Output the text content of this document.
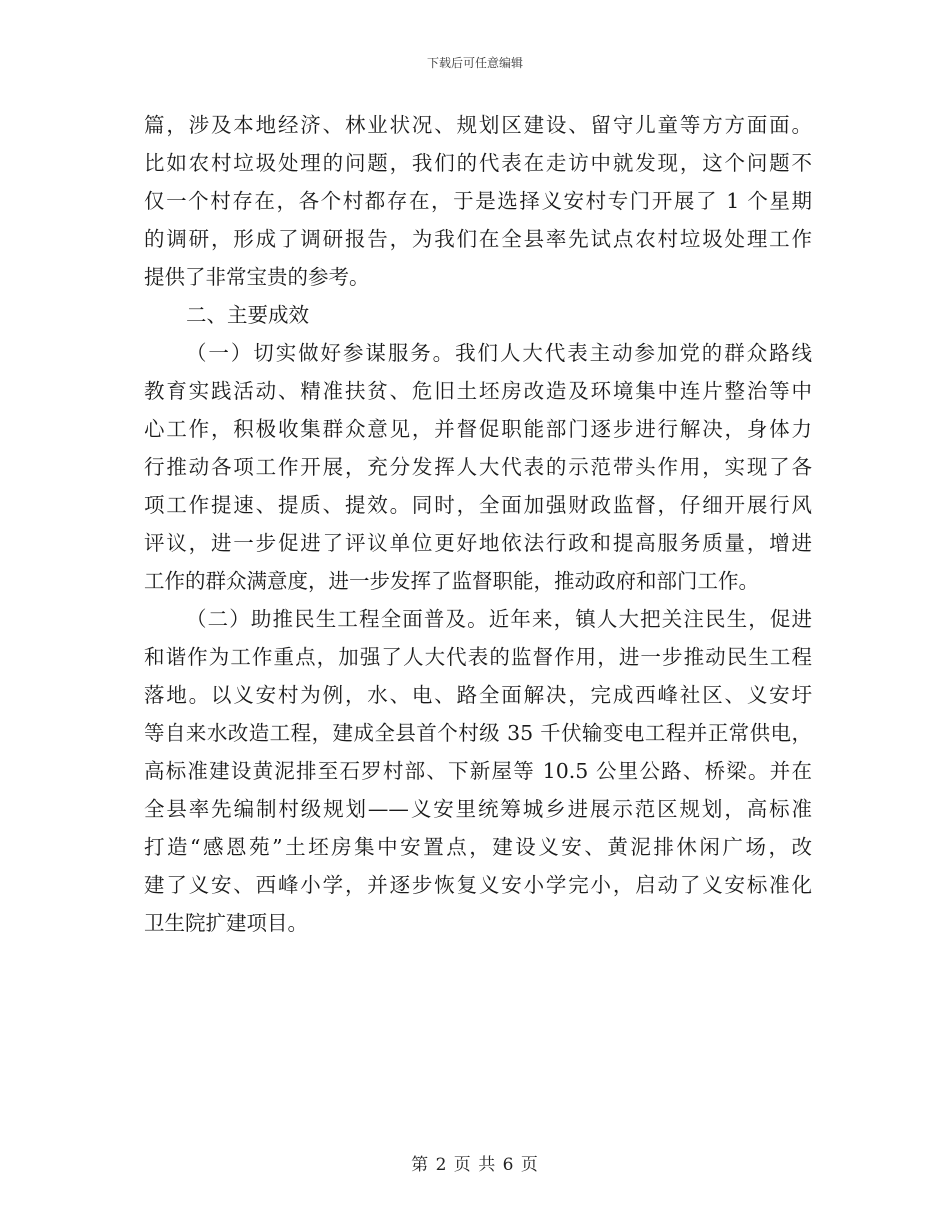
下载后可任意编辑
篇，涉及本地经济、林业状况、规划区建设、留守儿童等方方面面。
比如农村垃圾处理的问题，我们的代表在走访中就发现，这个问题不
仅一个村存在，各个村都存在，于是选择义安村专门开展了 1 个星期
的调研，形成了调研报告，为我们在全县率先试点农村垃圾处理工作
提供了非常宝贵的参考。
二、主要成效
（一）切实做好参谋服务。我们人大代表主动参加党的群众路线
教育实践活动、精准扶贫、危旧土坯房改造及环境集中连片整治等中
心工作，积极收集群众意见，并督促职能部门逐步进行解决，身体力
行推动各项工作开展，充分发挥人大代表的示范带头作用，实现了各
项工作提速、提质、提效。同时，全面加强财政监督，仔细开展行风
评议，进一步促进了评议单位更好地依法行政和提高服务质量，增进
工作的群众满意度，进一步发挥了监督职能，推动政府和部门工作。
（二）助推民生工程全面普及。近年来，镇人大把关注民生，促进
和谐作为工作重点，加强了人大代表的监督作用，进一步推动民生工程
落地。以义安村为例，水、电、路全面解决，完成西峰社区、义安圩
等自来水改造工程，建成全县首个村级 35 千伏输变电工程并正常供电，
高标准建设黄泥排至石罗村部、下新屋等 10.5 公里公路、桥梁。并在
全县率先编制村级规划——义安里统筹城乡进展示范区规划，高标准
打造“感恩苑”土坯房集中安置点，建设义安、黄泥排休闲广场，改
建了义安、西峰小学，并逐步恢复义安小学完小，启动了义安标准化
卫生院扩建项目。
第 2 页 共 6 页
